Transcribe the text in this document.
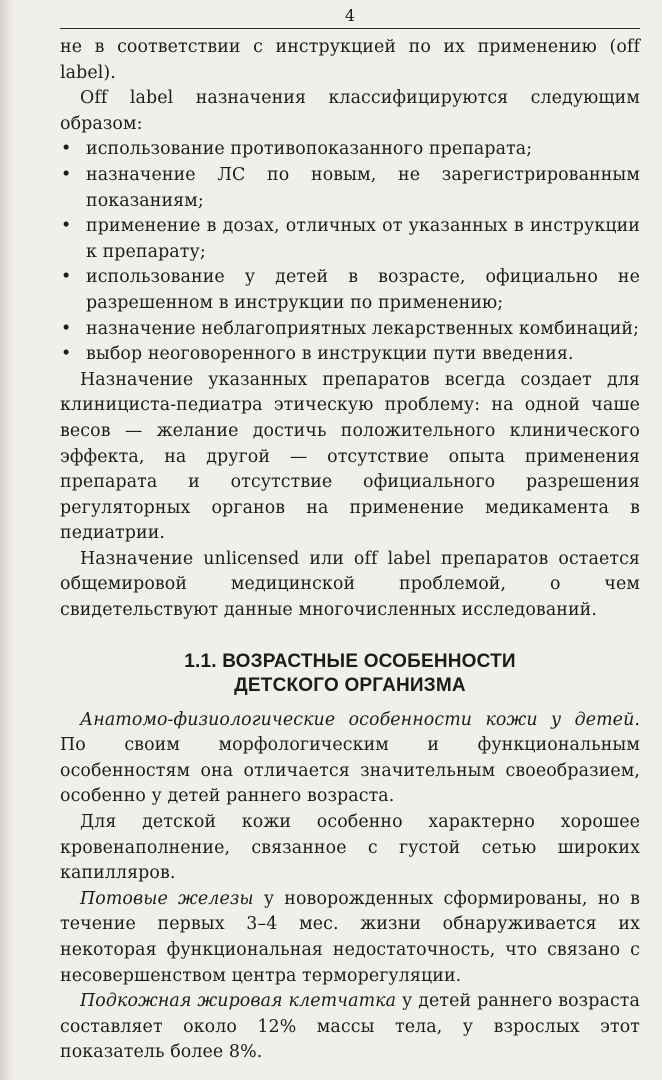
4

не в соответствии с инструкцией по их применению (off label).

Off label назначения классифицируются следующим образом:

• использование противопоказанного препарата;
• назначение ЛС по новым, не зарегистрированным показаниям;
• применение в дозах, отличных от указанных в инструкции к препарату;
• использование у детей в возрасте, официально не разрешенном в инструкции по применению;
• назначение неблагоприятных лекарственных комбинаций;
• выбор неоговоренного в инструкции пути введения.

Назначение указанных препаратов всегда создает для клинициста-педиатра этическую проблему: на одной чаше весов — желание достичь положительного клинического эффекта, на другой — отсутствие опыта применения препарата и отсутствие официального разрешения регуляторных органов на применение медикамента в педиатрии.

Назначение unlicensed или off label препаратов остается общемировой медицинской проблемой, о чем свидетельствуют данные многочисленных исследований.

1.1. ВОЗРАСТНЫЕ ОСОБЕННОСТИ
ДЕТСКОГО ОРГАНИЗМА

Анатомо-физиологические особенности кожи у детей. По своим морфологическим и функциональным особенностям она отличается значительным своеобразием, особенно у детей раннего возраста.

Для детской кожи особенно характерно хорошее кровенаполнение, связанное с густой сетью широких капилляров.

Потовые железы у новорожденных сформированы, но в течение первых 3–4 мес. жизни обнаруживается их некоторая функциональная недостаточность, что связано с несовершенством центра терморегуляции.

Подкожная жировая клетчатка у детей раннего возраста составляет около 12% массы тела, у взрослых этот показатель более 8%.
